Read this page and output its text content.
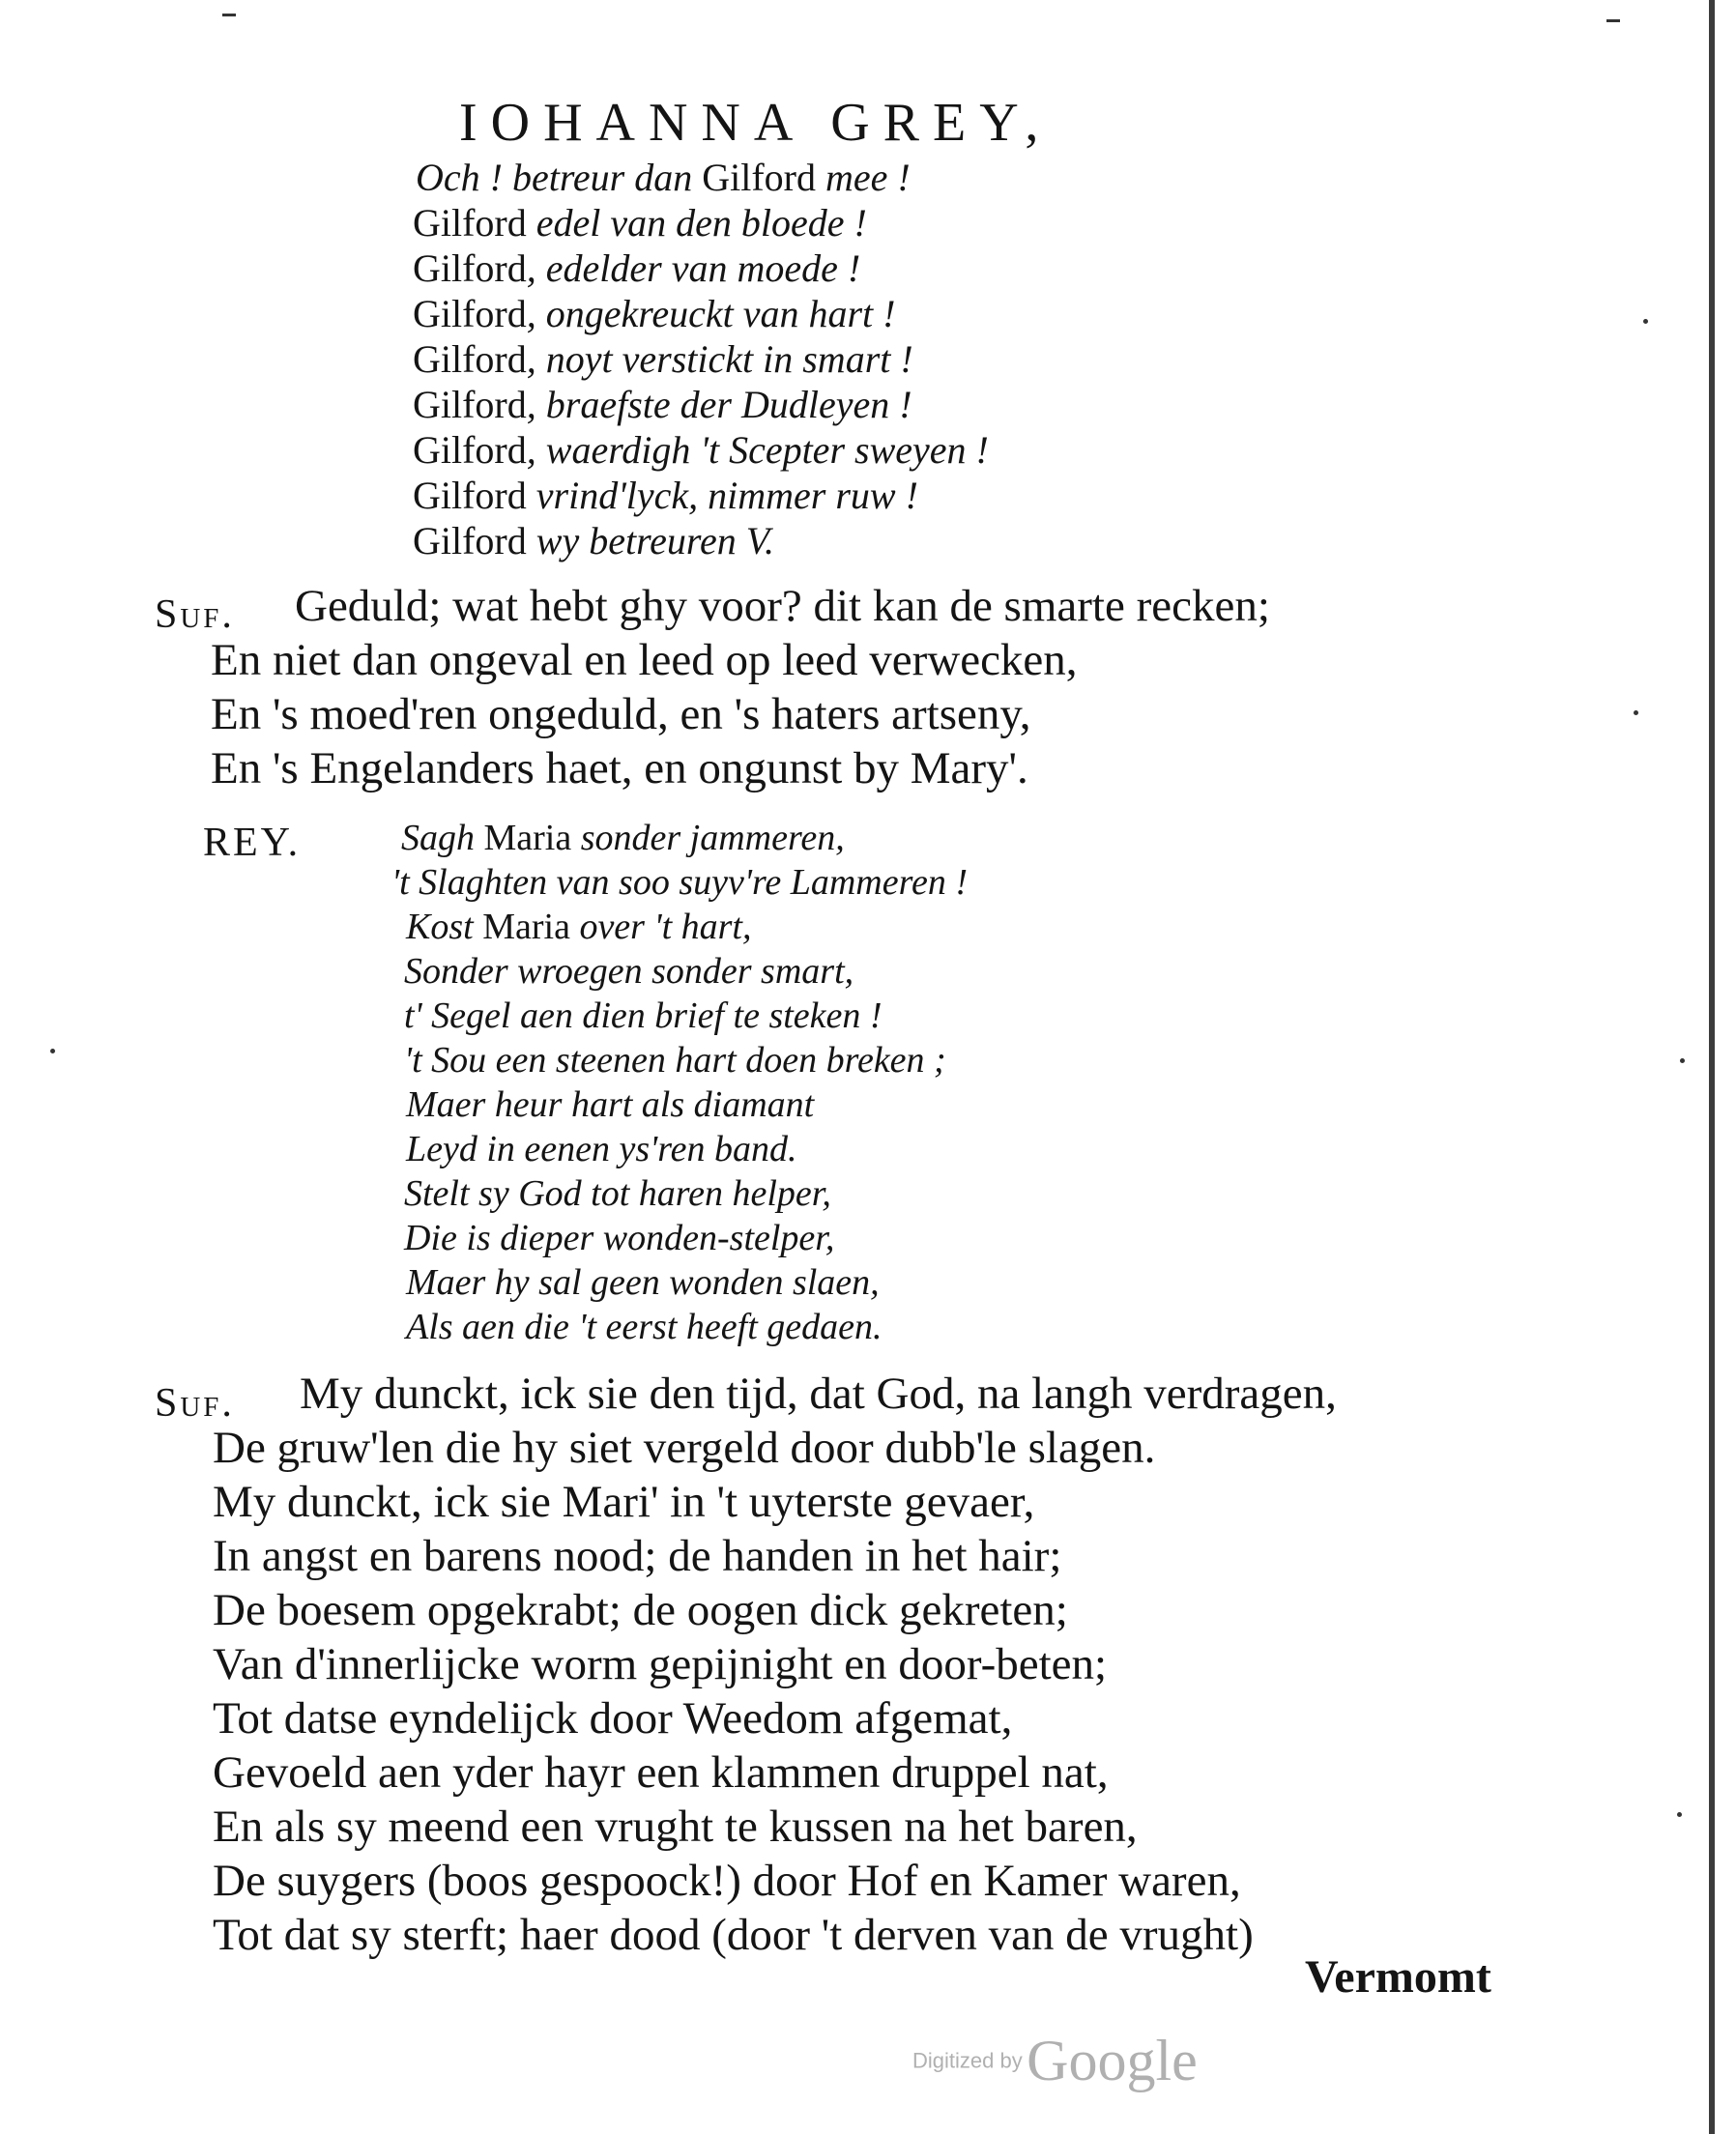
IOHANNA GREY,
Och ! betreur dan Gilford mee !
Gilford edel van den bloede !
Gilford, edelder van moede !
Gilford, ongekreuckt van hart !
Gilford, noyt verstickt in smart !
Gilford, braefste der Dudleyen !
Gilford, waerdigh 't Scepter sweyen !
Gilford vrind'lyck, nimmer ruw !
Gilford wy betreuren V.
Suf. Geduld; wat hebt ghy voor? dit kan de smarte recken;
En niet dan ongeval en leed op leed verwecken,
En 's moed'ren ongeduld, en 's haters artseny,
En 's Engelanders haet, en ongunst by Mary'.
REY.	Sagh Maria sonder jammeren,
't Slaghten van soo suyv're Lammeren !
Kost Maria over 't hart,
Sonder wroegen sonder smart,
t' Segel aen dien brief te steken !
't Sou een steenen hart doen breken ;
Maer heur hart als diamant
Leyd in eenen ys'ren band.
Stelt sy God tot haren helper,
Die is dieper wonden-stelper,
Maer hy sal geen wonden slaen,
Als aen die 't eerst heeft gedaen.
Suf. My dunckt, ick sie den tijd, dat God, na langh verdragen,
De gruw'len die hy siet vergeld door dubb'le slagen.
My dunckt, ick sie Mari' in 't uyterste gevaer,
In angst en barens nood; de handen in het hair;
De boesem opgekrabt; de oogen dick gekreten;
Van d'innerlijcke worm gepijnight en door-beten;
Tot datse eyndelijck door Weedom afgemat,
Gevoeld aen yder hayr een klammen druppel nat,
En als sy meend een vrught te kussen na het baren,
De suygers (boos gespoock!) door Hof en Kamer waren,
Tot dat sy sterft; haer dood (door 't derven van de vrught)
Vermomt
Digitized by Google
